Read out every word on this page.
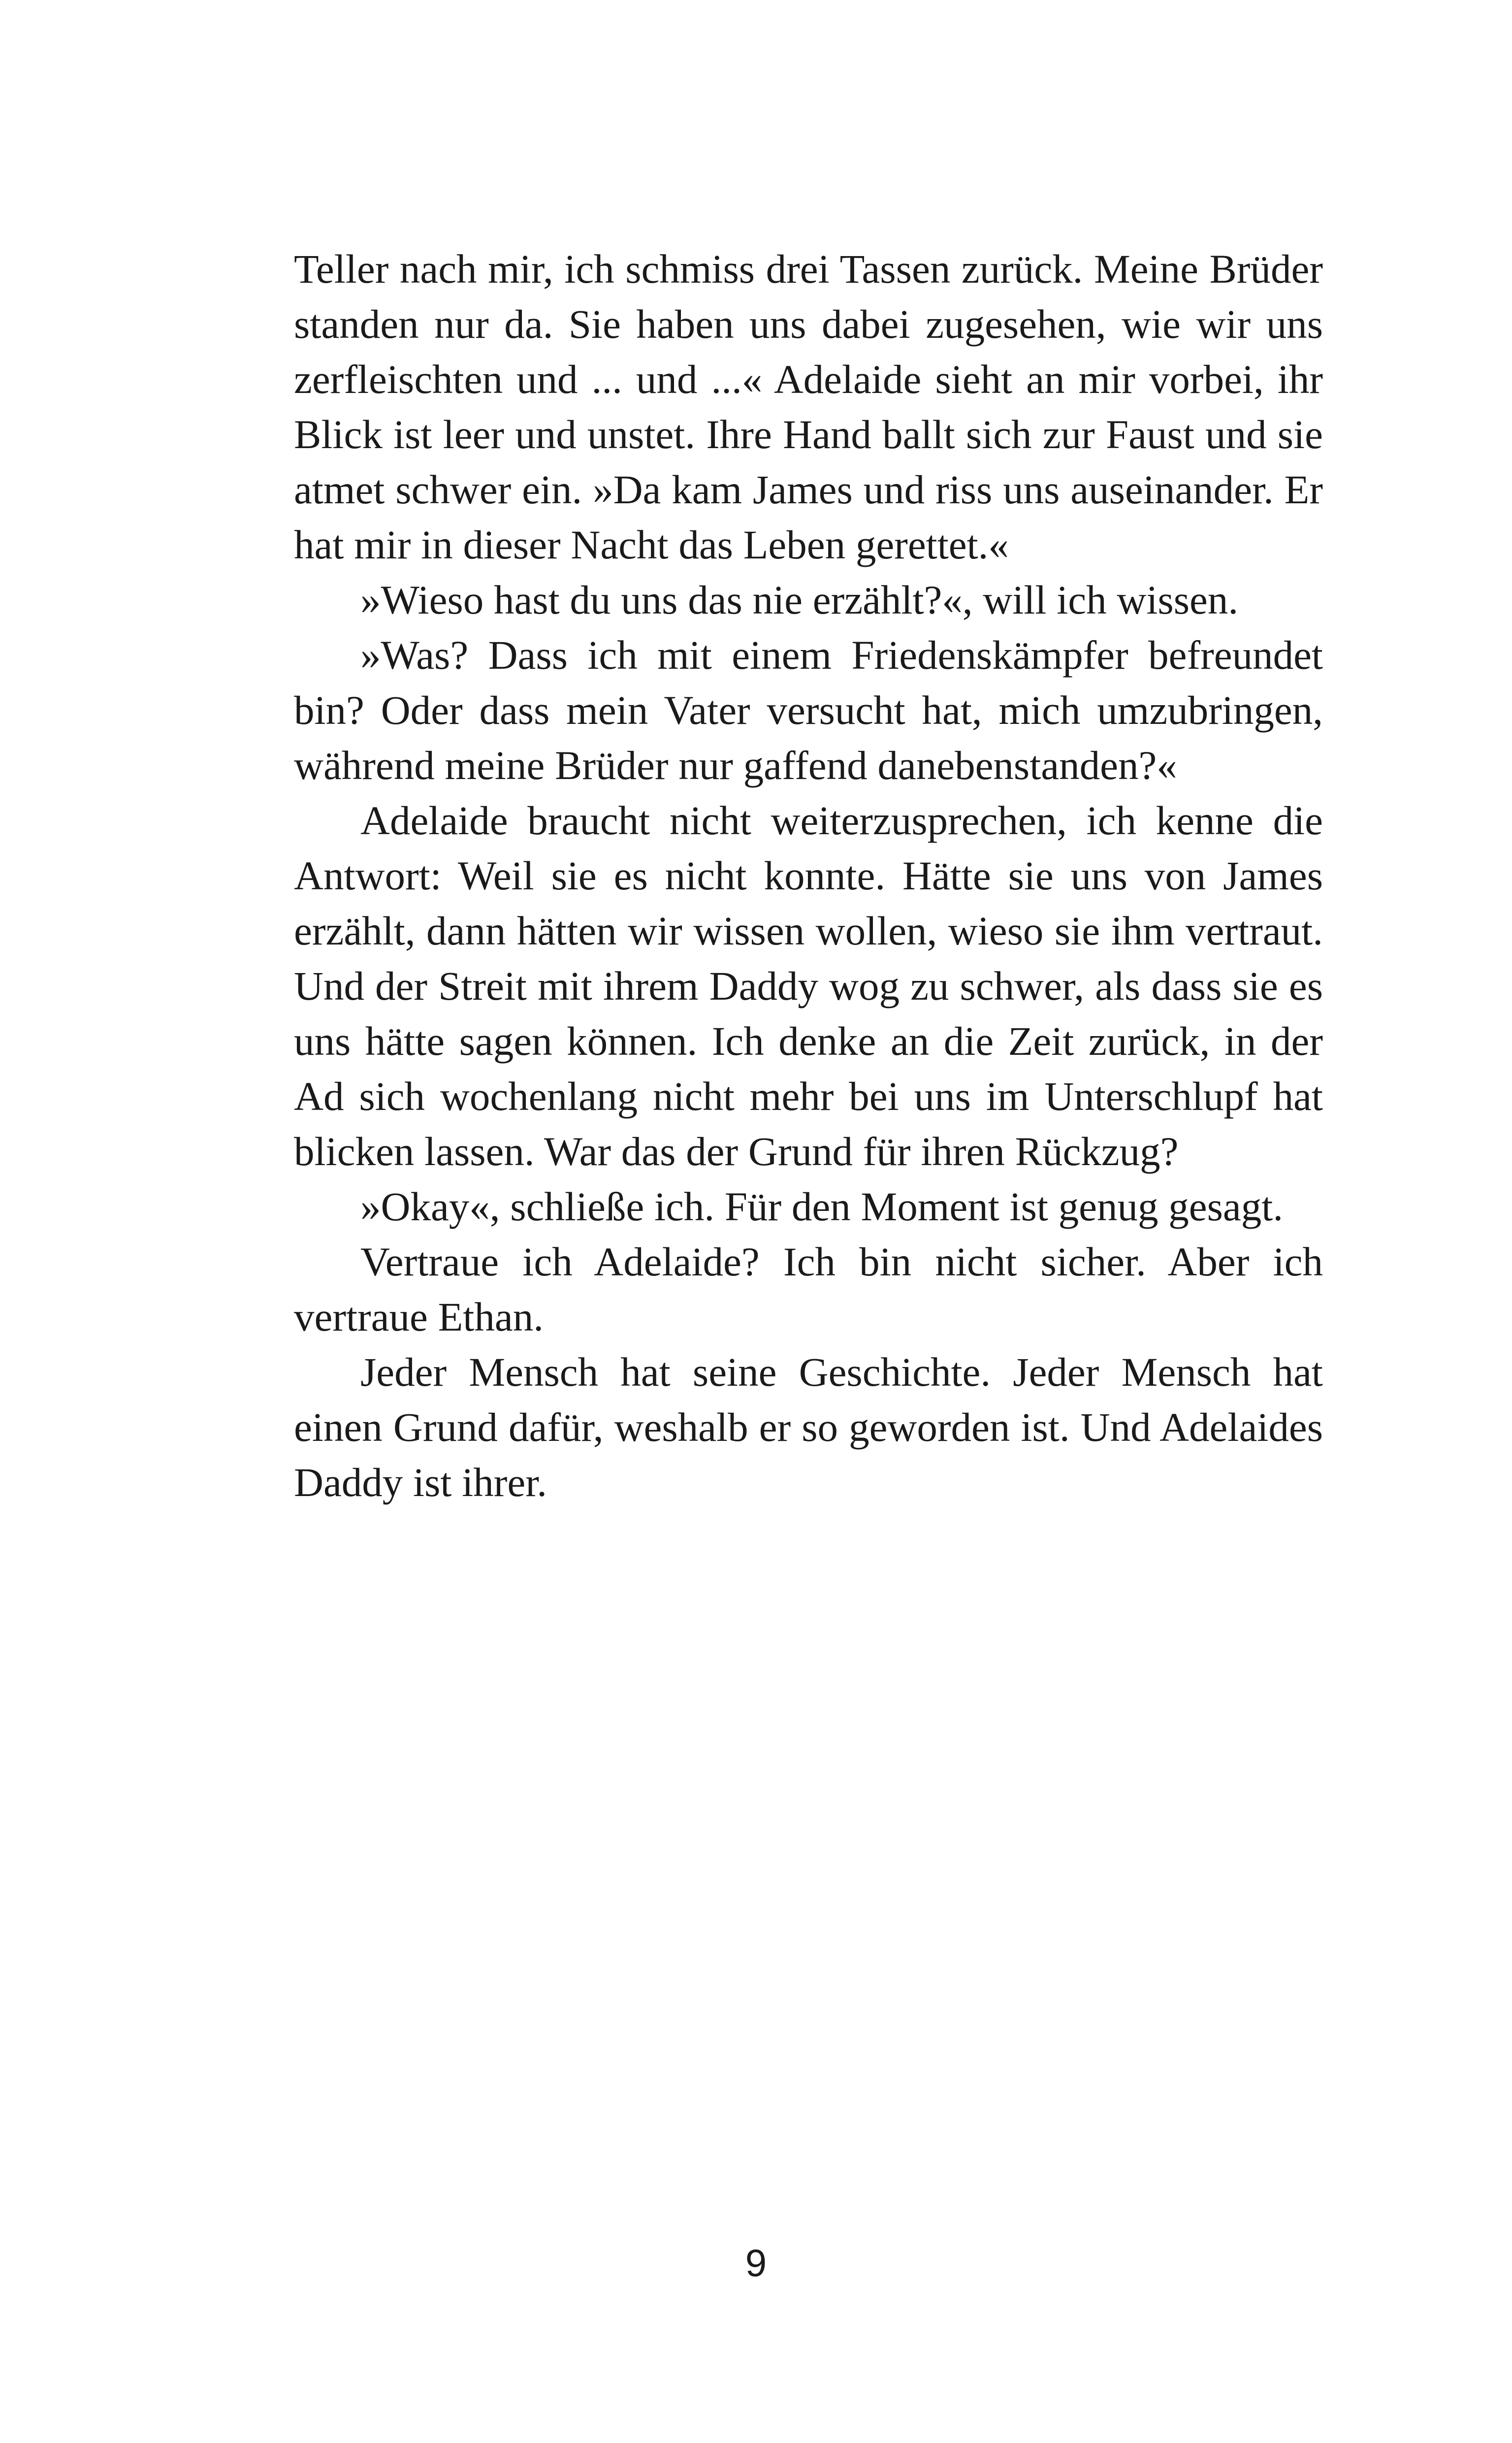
Teller nach mir, ich schmiss drei Tassen zurück. Meine Brüder standen nur da. Sie haben uns dabei zugesehen, wie wir uns zerfleischten und ... und ...« Adelaide sieht an mir vorbei, ihr Blick ist leer und unstet. Ihre Hand ballt sich zur Faust und sie atmet schwer ein. »Da kam James und riss uns auseinander. Er hat mir in dieser Nacht das Leben gerettet.«

»Wieso hast du uns das nie erzählt?«, will ich wissen.

»Was? Dass ich mit einem Friedenskämpfer befreundet bin? Oder dass mein Vater versucht hat, mich umzubringen, während meine Brüder nur gaffend danebenstanden?«

Adelaide braucht nicht weiterzusprechen, ich kenne die Antwort: Weil sie es nicht konnte. Hätte sie uns von James erzählt, dann hätten wir wissen wollen, wieso sie ihm vertraut. Und der Streit mit ihrem Daddy wog zu schwer, als dass sie es uns hätte sagen können. Ich denke an die Zeit zurück, in der Ad sich wochenlang nicht mehr bei uns im Unterschlupf hat blicken lassen. War das der Grund für ihren Rückzug?

»Okay«, schließe ich. Für den Moment ist genug gesagt.

Vertraue ich Adelaide? Ich bin nicht sicher. Aber ich vertraue Ethan.

Jeder Mensch hat seine Geschichte. Jeder Mensch hat einen Grund dafür, weshalb er so geworden ist. Und Adelaides Daddy ist ihrer.

9
